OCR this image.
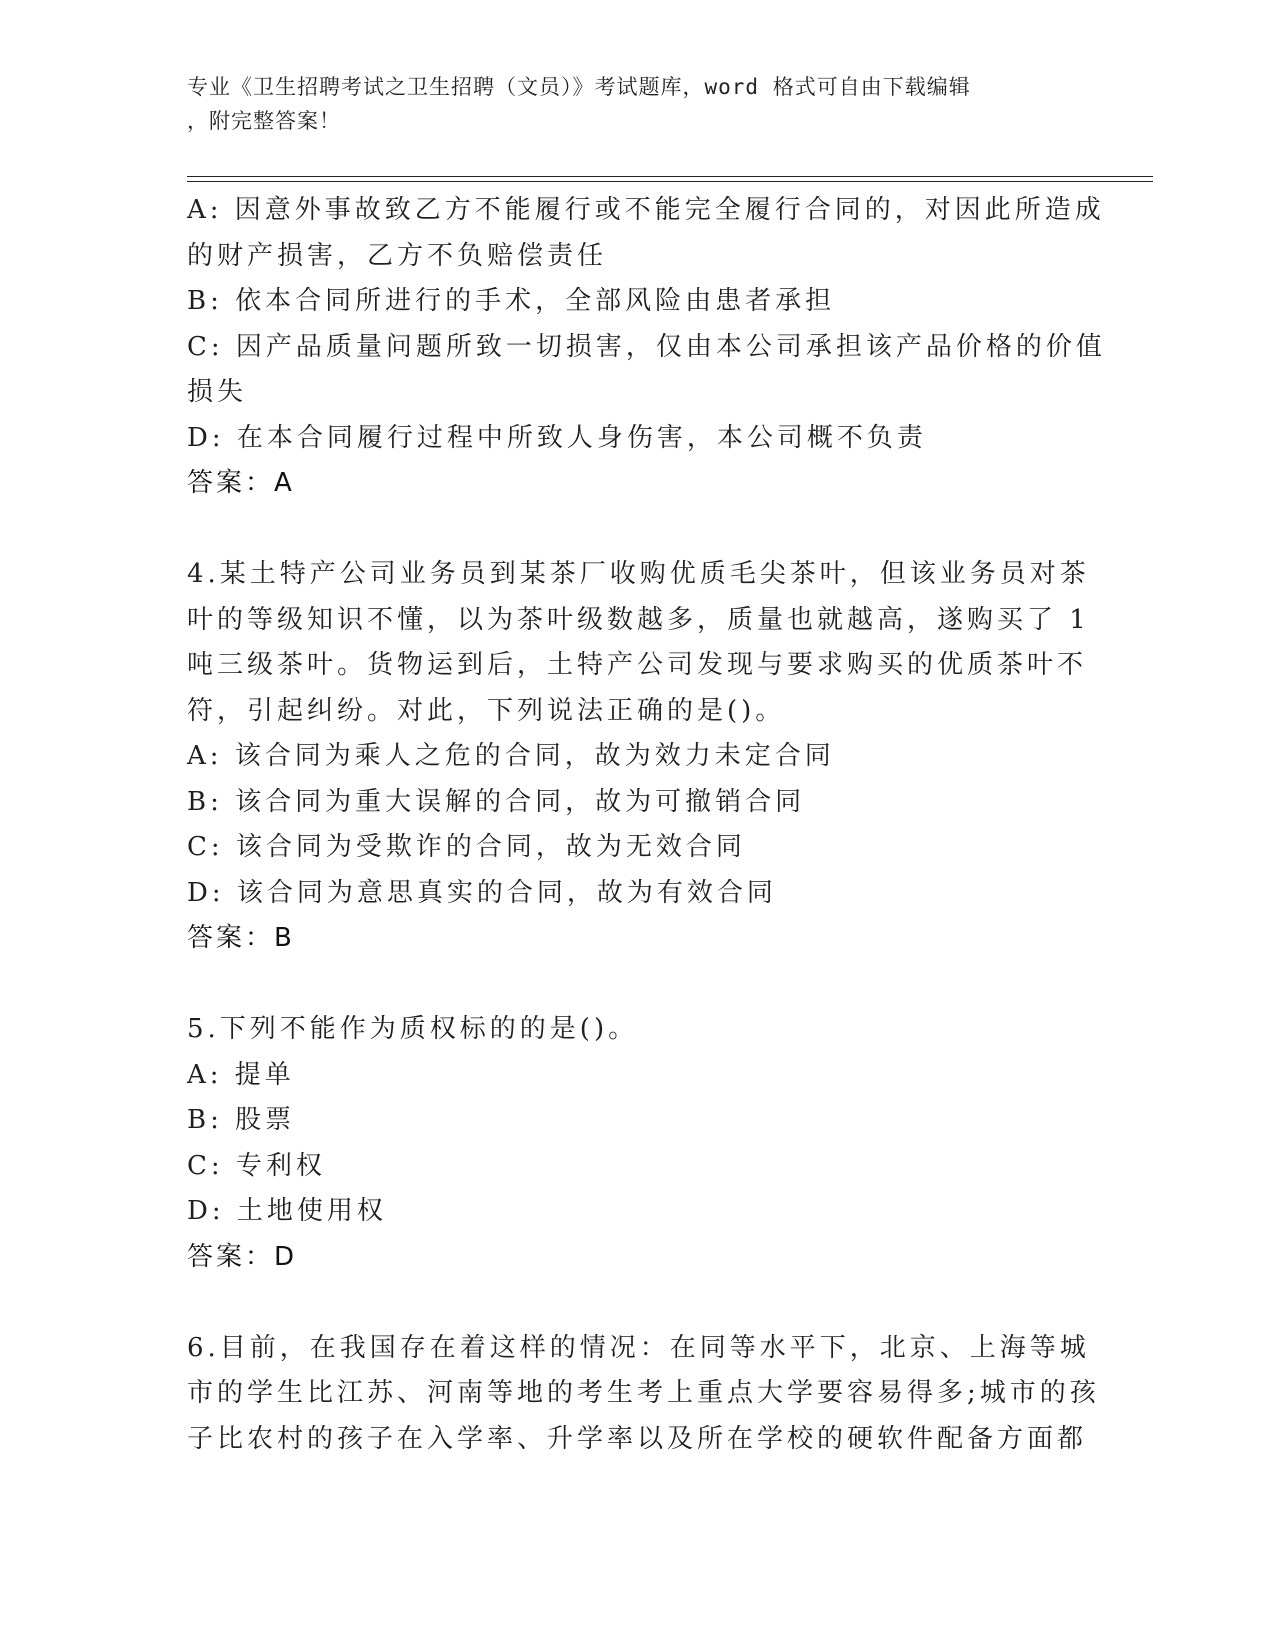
专业《卫生招聘考试之卫生招聘（文员）》考试题库，word 格式可自由下载编辑
，附完整答案！
A: 因意外事故致乙方不能履行或不能完全履行合同的，对因此所造成
的财产损害，乙方不负赔偿责任
B: 依本合同所进行的手术，全部风险由患者承担
C: 因产品质量问题所致一切损害，仅由本公司承担该产品价格的价值
损失
D: 在本合同履行过程中所致人身伤害，本公司概不负责
答案：A
4.某土特产公司业务员到某茶厂收购优质毛尖茶叶，但该业务员对茶
叶的等级知识不懂，以为茶叶级数越多，质量也就越高，遂购买了 1
吨三级茶叶。货物运到后，土特产公司发现与要求购买的优质茶叶不
符，引起纠纷。对此，下列说法正确的是()。
A: 该合同为乘人之危的合同，故为效力未定合同
B: 该合同为重大误解的合同，故为可撤销合同
C: 该合同为受欺诈的合同，故为无效合同
D: 该合同为意思真实的合同，故为有效合同
答案：B
5.下列不能作为质权标的的是()。
A: 提单
B: 股票
C: 专利权
D: 土地使用权
答案：D
6.目前，在我国存在着这样的情况：在同等水平下，北京、上海等城
市的学生比江苏、河南等地的考生考上重点大学要容易得多;城市的孩
子比农村的孩子在入学率、升学率以及所在学校的硬软件配备方面都
